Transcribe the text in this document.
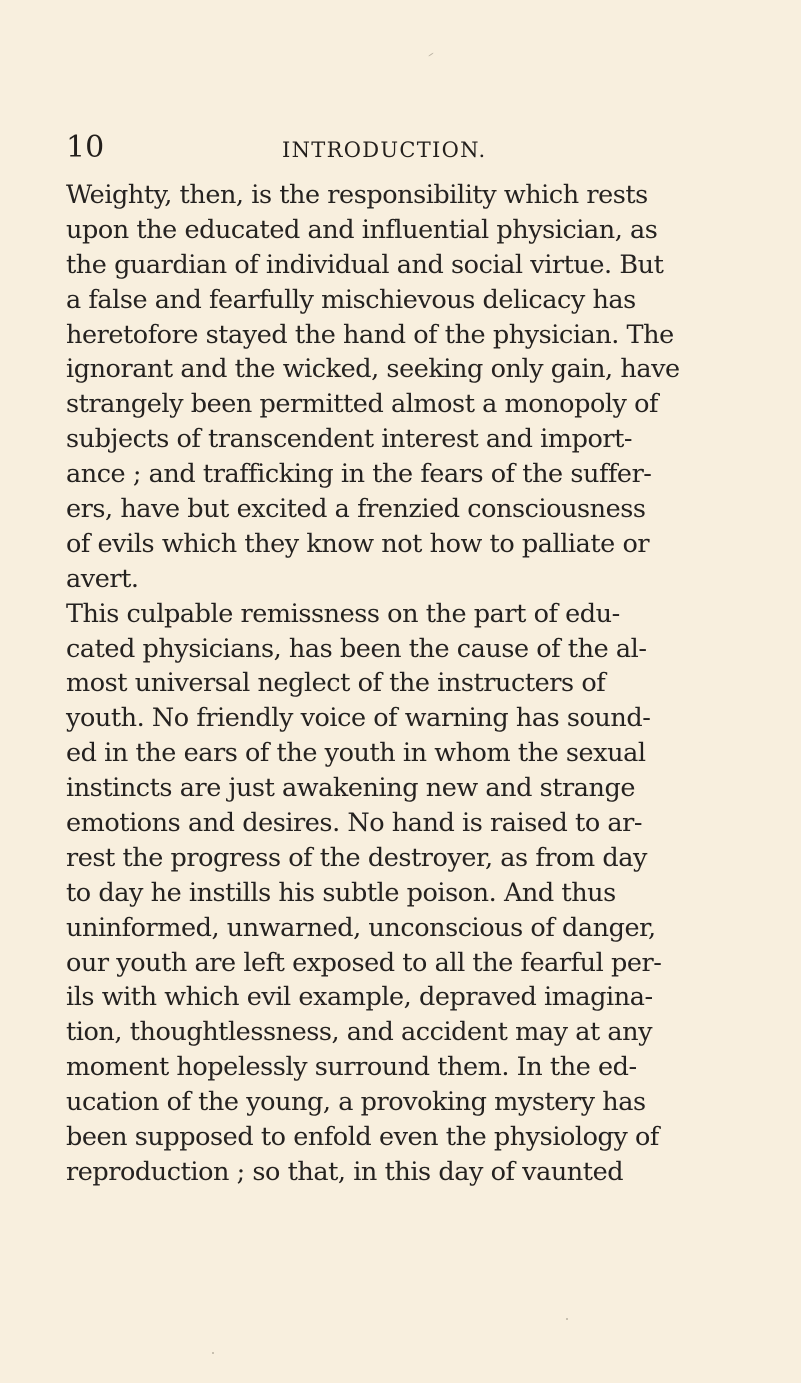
10	INTRODUCTION.
Weighty, then, is the responsibility which rests
upon the educated and influential physician, as
the guardian of individual and social virtue. But
a false and fearfully mischievous delicacy has
heretofore stayed the hand of the physician. The
ignorant and the wicked, seeking only gain, have
strangely been permitted almost a monopoly of
subjects of transcendent interest and import-
ance ; and trafficking in the fears of the suffer-
ers, have but excited a frenzied consciousness
of evils which they know not how to palliate or
avert.
This culpable remissness on the part of edu-
cated physicians, has been the cause of the al-
most universal neglect of the instructers of
youth. No friendly voice of warning has sound-
ed in the ears of the youth in whom the sexual
instincts are just awakening new and strange
emotions and desires. No hand is raised to ar-
rest the progress of the destroyer, as from day
to day he instills his subtle poison. And thus
uninformed, unwarned, unconscious of danger,
our youth are left exposed to all the fearful per-
ils with which evil example, depraved imagina-
tion, thoughtlessness, and accident may at any
moment hopelessly surround them. In the ed-
ucation of the young, a provoking mystery has
been supposed to enfold even the physiology of
reproduction ; so that, in this day of vaunted
